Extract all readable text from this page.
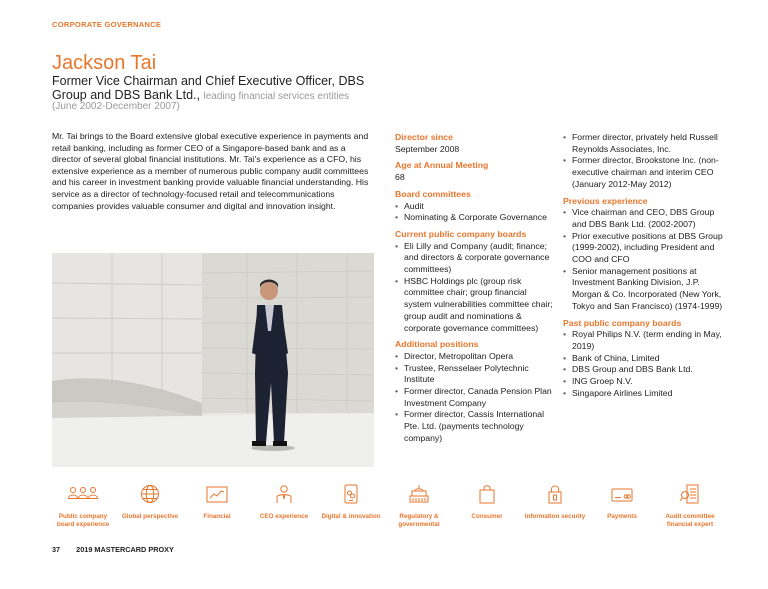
CORPORATE GOVERNANCE
Jackson Tai
Former Vice Chairman and Chief Executive Officer, DBS Group and DBS Bank Ltd., leading financial services entities
(June 2002-December 2007)

Mr. Tai brings to the Board extensive global executive experience in payments and retail banking, including as former CEO of a Singapore-based bank and as a director of several global financial institutions. Mr. Tai's experience as a CFO, his extensive experience as a member of numerous public company audit committees and his career in investment banking provide valuable financial understanding. His service as a director of technology-focused retail and telecommunications companies provides valuable consumer and digital and innovation insight.

Director since
September 2008
Age at Annual Meeting
68
Board committees
• Audit
• Nominating & Corporate Governance
Current public company boards
• Eli Lilly and Company (audit; finance; and directors & corporate governance committees)
• HSBC Holdings plc (group risk committee chair; group financial system vulnerabilities committee chair; group audit and nominations & corporate governance committees)
Additional positions
• Director, Metropolitan Opera
• Trustee, Rensselaer Polytechnic Institute
• Former director, Canada Pension Plan Investment Company
• Former director, Cassis International Pte. Ltd. (payments technology company)
• Former director, privately held Russell Reynolds Associates, Inc.
• Former director, Brookstone Inc. (non-executive chairman and interim CEO (January 2012-May 2012)
Previous experience
• Vice chairman and CEO, DBS Group and DBS Bank Ltd. (2002-2007)
• Prior executive positions at DBS Group (1999-2002), including President and COO and CFO
• Senior management positions at Investment Banking Division, J.P. Morgan & Co. Incorporated (New York, Tokyo and San Francisco) (1974-1999)
Past public company boards
• Royal Philips N.V. (term ending in May, 2019)
• Bank of China, Limited
• DBS Group and DBS Bank Ltd.
• ING Groep N.V.
• Singapore Airlines Limited
Public company board experience
Global perspective	Financial	CEO experience	Digital & innovation	Regulatory & governmental
Consumer	Information security	Payments	Audit committee financial expert
37 2019 MASTERCARD PROXY
